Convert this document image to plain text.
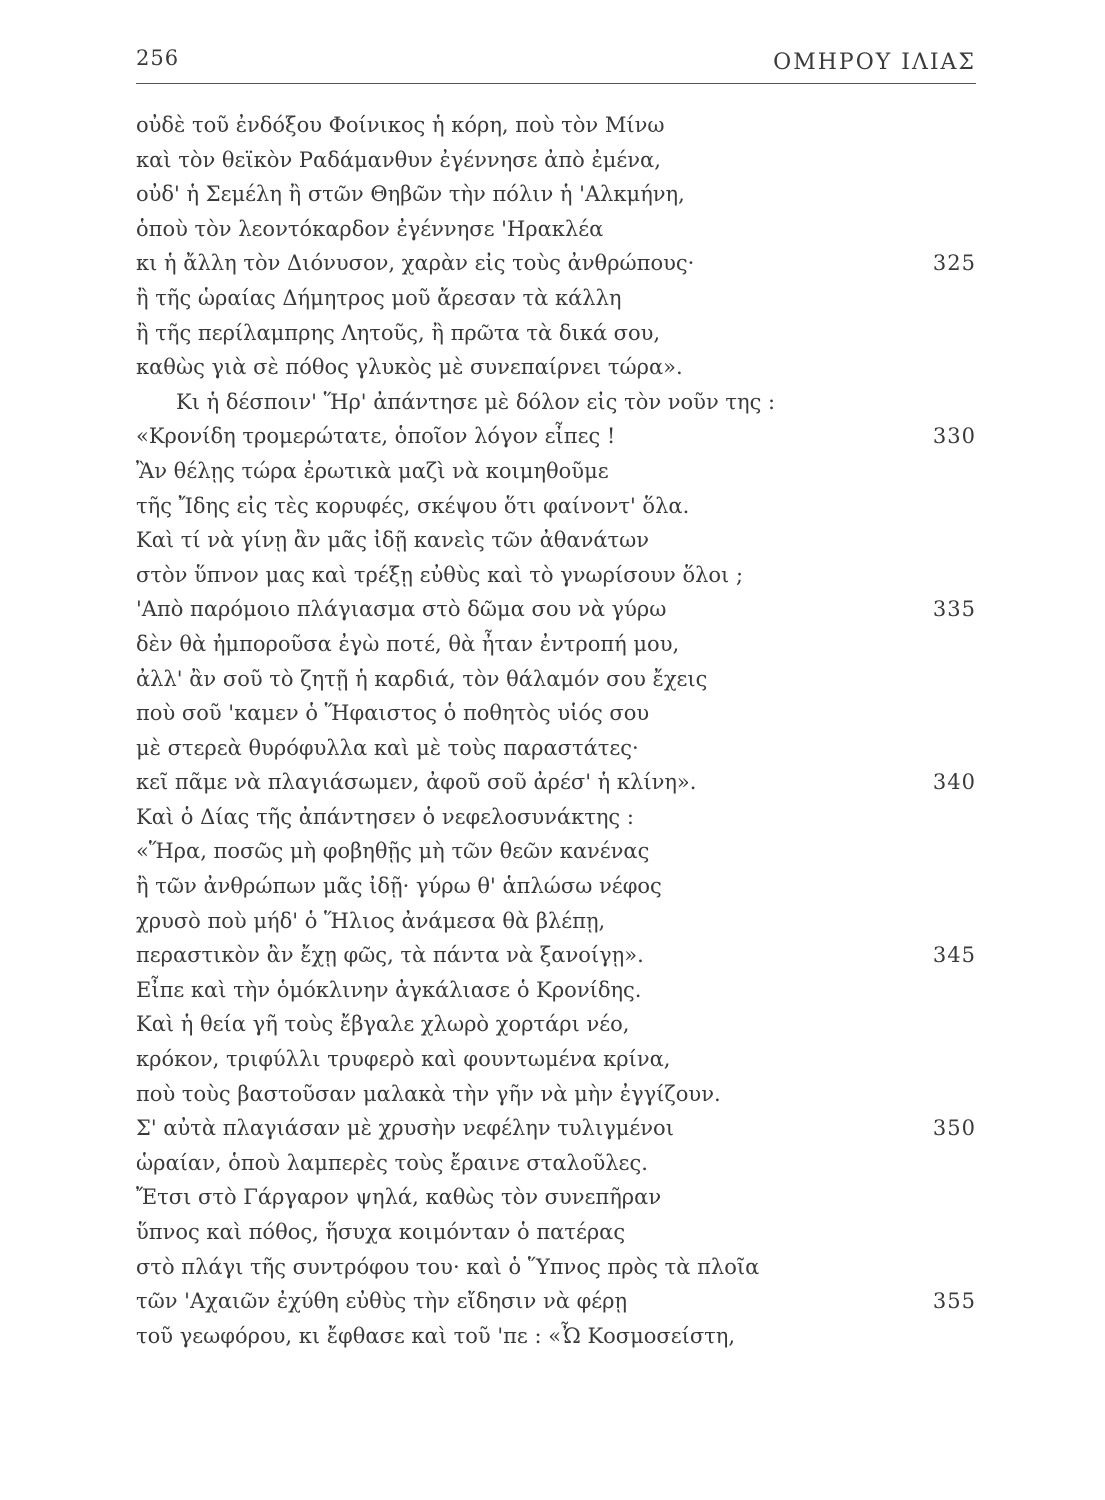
256	ΟΜΗΡΟΥ ΙΛΙΑΣ
οὐδὲ τοῦ ἐνδόξου Φοίνικος ἡ κόρη, ποὺ τὸν Μίνω
καὶ τὸν θεϊκὸν Ραδάμανθυν ἐγέννησε ἀπὸ ἐμένα,
οὐδ' ἡ Σεμέλη ἢ στῶν Θηβῶν τὴν πόλιν ἡ 'Αλκμήνη,
ὁποὺ τὸν λεοντόκαρδον ἐγέννησε 'Ηρακλέα
κι ἡ ἄλλη τὸν Διόνυσον, χαρὰν εἰς τοὺς ἀνθρώπους·	325
ἢ τῆς ὡραίας Δήμητρος μοῦ ἄρεσαν τὰ κάλλη
ἢ τῆς περίλαμπρης Λητοῦς, ἢ πρῶτα τὰ δικά σου,
καθὼς γιὰ σὲ πόθος γλυκὸς μὲ συνεπαίρνει τώρα».
Κι ἡ δέσποιν' Ἥρ' ἀπάντησε μὲ δόλον εἰς τὸν νοῦν της :
«Κρονίδη τρομερώτατε, ὁποῖον λόγον εἶπες !	330
Ἂν θέλῃς τώρα ἐρωτικὰ μαζὶ νὰ κοιμηθοῦμε
τῆς Ἴδης εἰς τὲς κορυφές, σκέψου ὅτι φαίνοντ' ὅλα.
Καὶ τί νὰ γίνῃ ἂν μᾶς ἰδῇ κανεὶς τῶν ἀθανάτων
στὸν ὕπνον μας καὶ τρέξῃ εὐθὺς καὶ τὸ γνωρίσουν ὅλοι ;
'Απὸ παρόμοιο πλάγιασμα στὸ δῶμα σου νὰ γύρω	335
δὲν θὰ ἠμποροῦσα ἐγὼ ποτέ, θὰ ἦταν ἐντροπή μου,
ἀλλ' ἂν σοῦ τὸ ζητῇ ἡ καρδιά, τὸν θάλαμόν σου ἔχεις
ποὺ σοῦ 'καμεν ὁ Ἥφαιστος ὁ ποθητὸς υἱός σου
μὲ στερεὰ θυρόφυλλα καὶ μὲ τοὺς παραστάτες·
κεῖ πᾶμε νὰ πλαγιάσωμεν, ἀφοῦ σοῦ ἀρέσ' ἡ κλίνη».	340
Καὶ ὁ Δίας τῆς ἀπάντησεν ὁ νεφελοσυνάκτης :
«Ἥρα, ποσῶς μὴ φοβηθῇς μὴ τῶν θεῶν κανένας
ἢ τῶν ἀνθρώπων μᾶς ἰδῇ· γύρω θ' ἁπλώσω νέφος
χρυσὸ ποὺ μήδ' ὁ Ἥλιος ἀνάμεσα θὰ βλέπῃ,
περαστικὸν ἂν ἔχῃ φῶς, τὰ πάντα νὰ ξανοίγῃ».	345
Εἶπε καὶ τὴν ὁμόκλινην ἀγκάλιασε ὁ Κρονίδης.
Καὶ ἡ θεία γῆ τοὺς ἔβγαλε χλωρὸ χορτάρι νέο,
κρόκον, τριφύλλι τρυφερὸ καὶ φουντωμένα κρίνα,
ποὺ τοὺς βαστοῦσαν μαλακὰ τὴν γῆν νὰ μὴν ἐγγίζουν.
Σ' αὐτὰ πλαγιάσαν μὲ χρυσὴν νεφέλην τυλιγμένοι	350
ὡραίαν, ὁποὺ λαμπερὲς τοὺς ἔραινε σταλοῦλες.
Ἔτσι στὸ Γάργαρον ψηλά, καθὼς τὸν συνεπῆραν
ὕπνος καὶ πόθος, ἥσυχα κοιμόνταν ὁ πατέρας
στὸ πλάγι τῆς συντρόφου του· καὶ ὁ Ὕπνος πρὸς τὰ πλοῖα
τῶν 'Αχαιῶν ἐχύθη εὐθὺς τὴν εἴδησιν νὰ φέρῃ	355
τοῦ γεωφόρου, κι ἔφθασε καὶ τοῦ 'πε : «Ὦ Κοσμοσείστη,
